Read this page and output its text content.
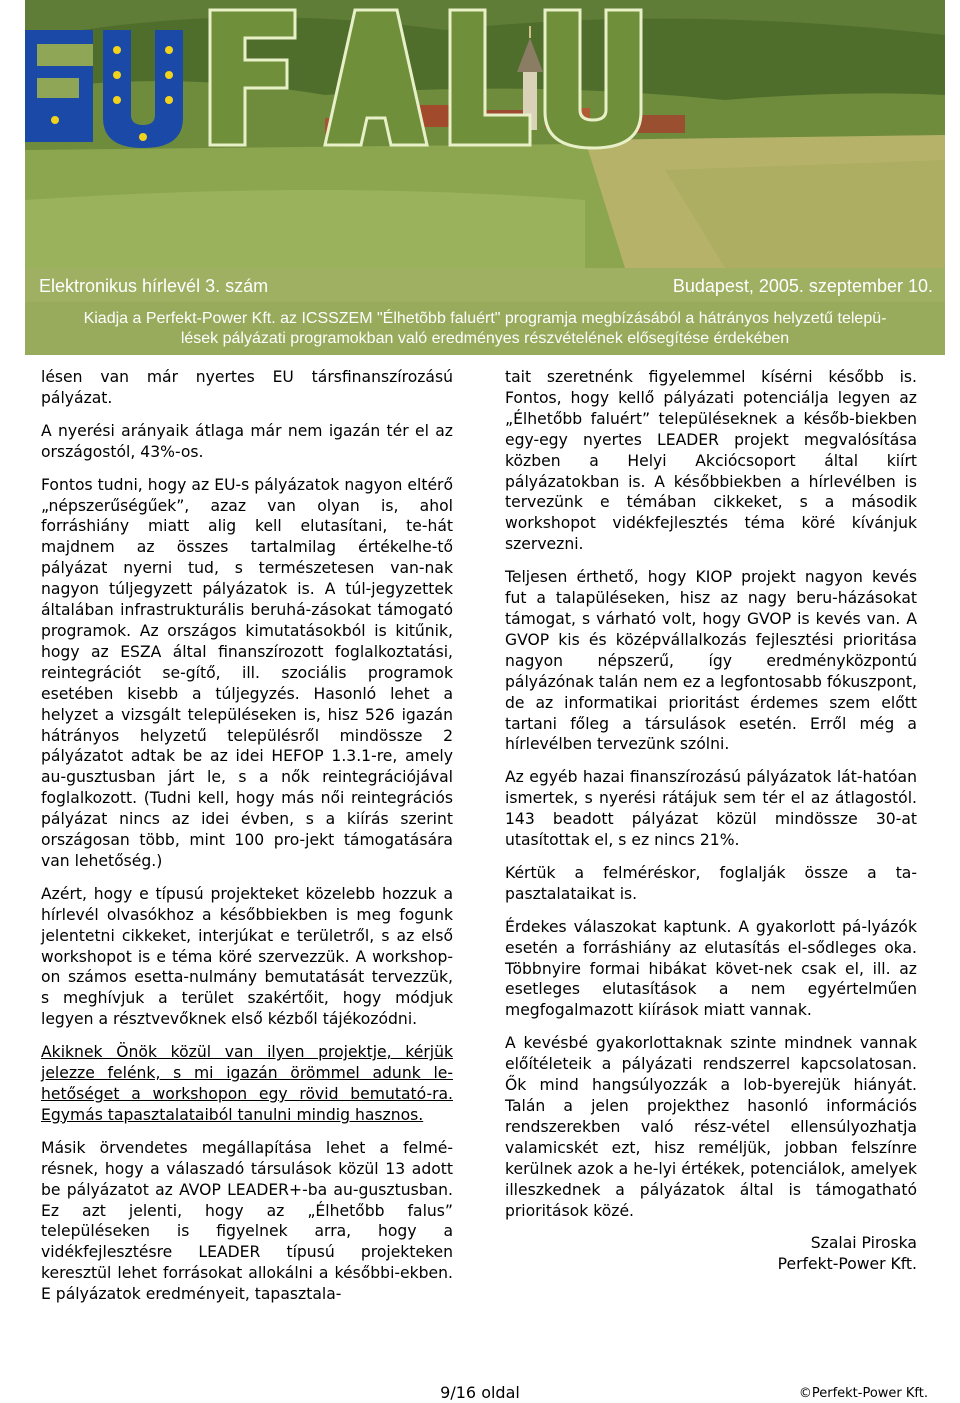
Elektronikus hírlevél 3. szám	Budapest, 2005. szeptember 10.
Kiadja a Perfekt-Power Kft. az ICSSZEM "Élhetõbb faluért" programja megbízásából a hátrányos helyzetű telepü-
lések pályázati programokban való eredményes részvételének elősegítése érdekében

lésen van már nyertes EU társfinanszírozású pályázat.

A nyerési arányaik átlaga már nem igazán tér el az országostól, 43%-os.

Fontos tudni, hogy az EU-s pályázatok nagyon eltérő „népszerűségűek”, azaz van olyan is, ahol forráshiány miatt alig kell elutasítani, te-hát majdnem az összes tartalmilag értékelhe-tő pályázat nyerni tud, s természetesen van-nak nagyon túljegyzett pályázatok is. A túl-jegyzettek általában infrastrukturális beruhá-zásokat támogató programok. Az országos kimutatásokból is kitűnik, hogy az ESZA által finanszírozott foglalkoztatási, reintegrációt se-gítő, ill. szociális programok esetében kisebb a túljegyzés. Hasonló lehet a helyzet a vizsgált településeken is, hisz 526 igazán hátrányos helyzetű településről mindössze 2 pályázatot adtak be az idei HEFOP 1.3.1-re, amely au-gusztusban járt le, s a nők reintegrációjával foglalkozott. (Tudni kell, hogy más női reintegrációs pályázat nincs az idei évben, s a kiírás szerint országosan több, mint 100 pro-jekt támogatására van lehetőség.)

Azért, hogy e típusú projekteket közelebb hozzuk a hírlevél olvasókhoz a későbbiekben is meg fogunk jelentetni cikkeket, interjúkat e területről, s az első workshopot is e téma köré szervezzük. A workshop-on számos esetta-nulmány bemutatását tervezzük, s meghívjuk a terület szakértőit, hogy módjuk legyen a résztvevőknek első kézből tájékozódni.

Akiknek Önök közül van ilyen projektje, kérjük jelezze felénk, s mi igazán örömmel adunk le-hetőséget a workshopon egy rövid bemutató-ra. Egymás tapasztalataiból tanulni mindig hasznos.

Másik örvendetes megállapítása lehet a felmé-résnek, hogy a válaszadó társulások közül 13 adott be pályázatot az AVOP LEADER+-ba au-gusztusban. Ez azt jelenti, hogy az „Élhetőbb falus” településeken is figyelnek arra, hogy a vidékfejlesztésre LEADER típusú projekteken keresztül lehet forrásokat allokálni a későbbi-ekben. E pályázatok eredményeit, tapasztala-

tait szeretnénk figyelemmel kísérni később is. Fontos, hogy kellő pályázati potenciálja legyen az „Élhetőbb faluért” településeknek a későb-biekben egy-egy nyertes LEADER projekt megvalósítása közben a Helyi Akciócsoport által kiírt pályázatokban is. A későbbiekben a hírlevélben is tervezünk e témában cikkeket, s a második workshopot vidékfejlesztés téma köré kívánjuk szervezni.

Teljesen érthető, hogy KIOP projekt nagyon kevés fut a talapüléseken, hisz az nagy beru-házásokat támogat, s várható volt, hogy GVOP is kevés van. A GVOP kis és középvállalkozás fejlesztési prioritása nagyon népszerű, így eredményközpontú pályázónak talán nem ez a legfontosabb fókuszpont, de az informatikai prioritást érdemes szem előtt tartani főleg a társulások esetén. Erről még a hírlevélben tervezünk szólni.

Az egyéb hazai finanszírozású pályázatok lát-hatóan ismertek, s nyerési rátájuk sem tér el az átlagostól. 143 beadott pályázat közül mindössze 30-at utasítottak el, s ez nincs 21%.

Kértük a felméréskor, foglalják össze a ta-pasztalataikat is.

Érdekes válaszokat kaptunk. A gyakorlott pá-lyázók esetén a forráshiány az elutasítás el-sődleges oka. Többnyire formai hibákat követ-nek csak el, ill. az esetleges elutasítások a nem egyértelműen megfogalmazott kiírások miatt vannak.

A kevésbé gyakorlottaknak szinte mindnek vannak előítéleteik a pályázati rendszerrel kapcsolatosan. Ők mind hangsúlyozzák a lob-byerejük hiányát. Talán a jelen projekthez hasonló információs rendszerekben való rész-vétel ellensúlyozhatja valamicskét ezt, hisz reméljük, jobban felszínre kerülnek azok a he-lyi értékek, potenciálok, amelyek illeszkednek a pályázatok által is támogatható prioritások közé.

Szalai Piroska
Perfekt-Power Kft.
9/16 oldal	©Perfekt-Power Kft.
